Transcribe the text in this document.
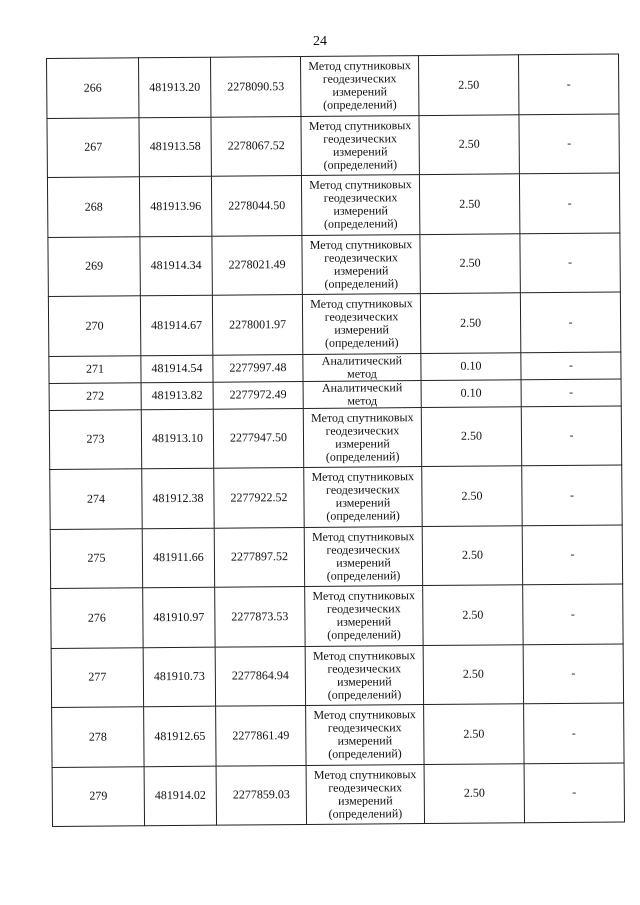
24
266	481913.20	2278090.53	Метод спутниковых геодезических измерений (определений)	2.50	-
267	481913.58	2278067.52	Метод спутниковых геодезических измерений (определений)	2.50	-
268	481913.96	2278044.50	Метод спутниковых геодезических измерений (определений)	2.50	-
269	481914.34	2278021.49	Метод спутниковых геодезических измерений (определений)	2.50	-
270	481914.67	2278001.97	Метод спутниковых геодезических измерений (определений)	2.50	-
271	481914.54	2277997.48	Аналитический метод	0.10	-
272	481913.82	2277972.49	Аналитический метод	0.10	-
273	481913.10	2277947.50	Метод спутниковых геодезических измерений (определений)	2.50	-
274	481912.38	2277922.52	Метод спутниковых геодезических измерений (определений)	2.50	-
275	481911.66	2277897.52	Метод спутниковых геодезических измерений (определений)	2.50	-
276	481910.97	2277873.53	Метод спутниковых геодезических измерений (определений)	2.50	-
277	481910.73	2277864.94	Метод спутниковых геодезических измерений (определений)	2.50	-
278	481912.65	2277861.49	Метод спутниковых геодезических измерений (определений)	2.50	-
279	481914.02	2277859.03	Метод спутниковых геодезических измерений (определений)	2.50	-
